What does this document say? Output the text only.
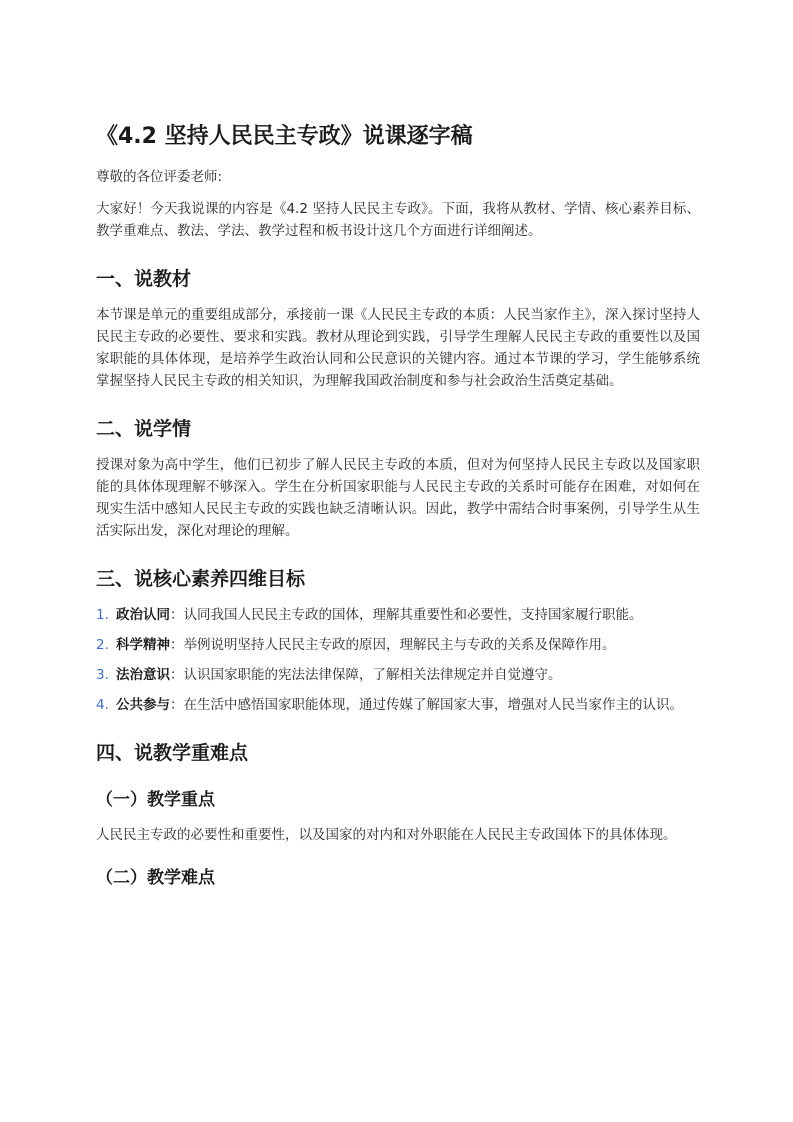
《4.2 坚持人民民主专政》说课逐字稿

尊敬的各位评委老师:

大家好！今天我说课的内容是《4.2 坚持人民民主专政》。下面，我将从教材、学情、核心素养目标、教学重难点、教法、学法、教学过程和板书设计这几个方面进行详细阐述。

一、说教材

本节课是单元的重要组成部分，承接前一课《人民民主专政的本质：人民当家作主》，深入探讨坚持人民民主专政的必要性、要求和实践。教材从理论到实践，引导学生理解人民民主专政的重要性以及国家职能的具体体现，是培养学生政治认同和公民意识的关键内容。通过本节课的学习，学生能够系统掌握坚持人民民主专政的相关知识，为理解我国政治制度和参与社会政治生活奠定基础。

二、说学情

授课对象为高中学生，他们已初步了解人民民主专政的本质，但对为何坚持人民民主专政以及国家职能的具体体现理解不够深入。学生在分析国家职能与人民民主专政的关系时可能存在困难，对如何在现实生活中感知人民民主专政的实践也缺乏清晰认识。因此，教学中需结合时事案例，引导学生从生活实际出发，深化对理论的理解。

三、说核心素养四维目标
1. 政治认同：认同我国人民民主专政的国体，理解其重要性和必要性，支持国家履行职能。
2. 科学精神：举例说明坚持人民民主专政的原因，理解民主与专政的关系及保障作用。
3. 法治意识：认识国家职能的宪法法律保障，了解相关法律规定并自觉遵守。
4. 公共参与：在生活中感悟国家职能体现，通过传媒了解国家大事，增强对人民当家作主的认识。
四、说教学重难点
（一）教学重点

人民民主专政的必要性和重要性，以及国家的对内和对外职能在人民民主专政国体下的具体体现。

（二）教学难点
